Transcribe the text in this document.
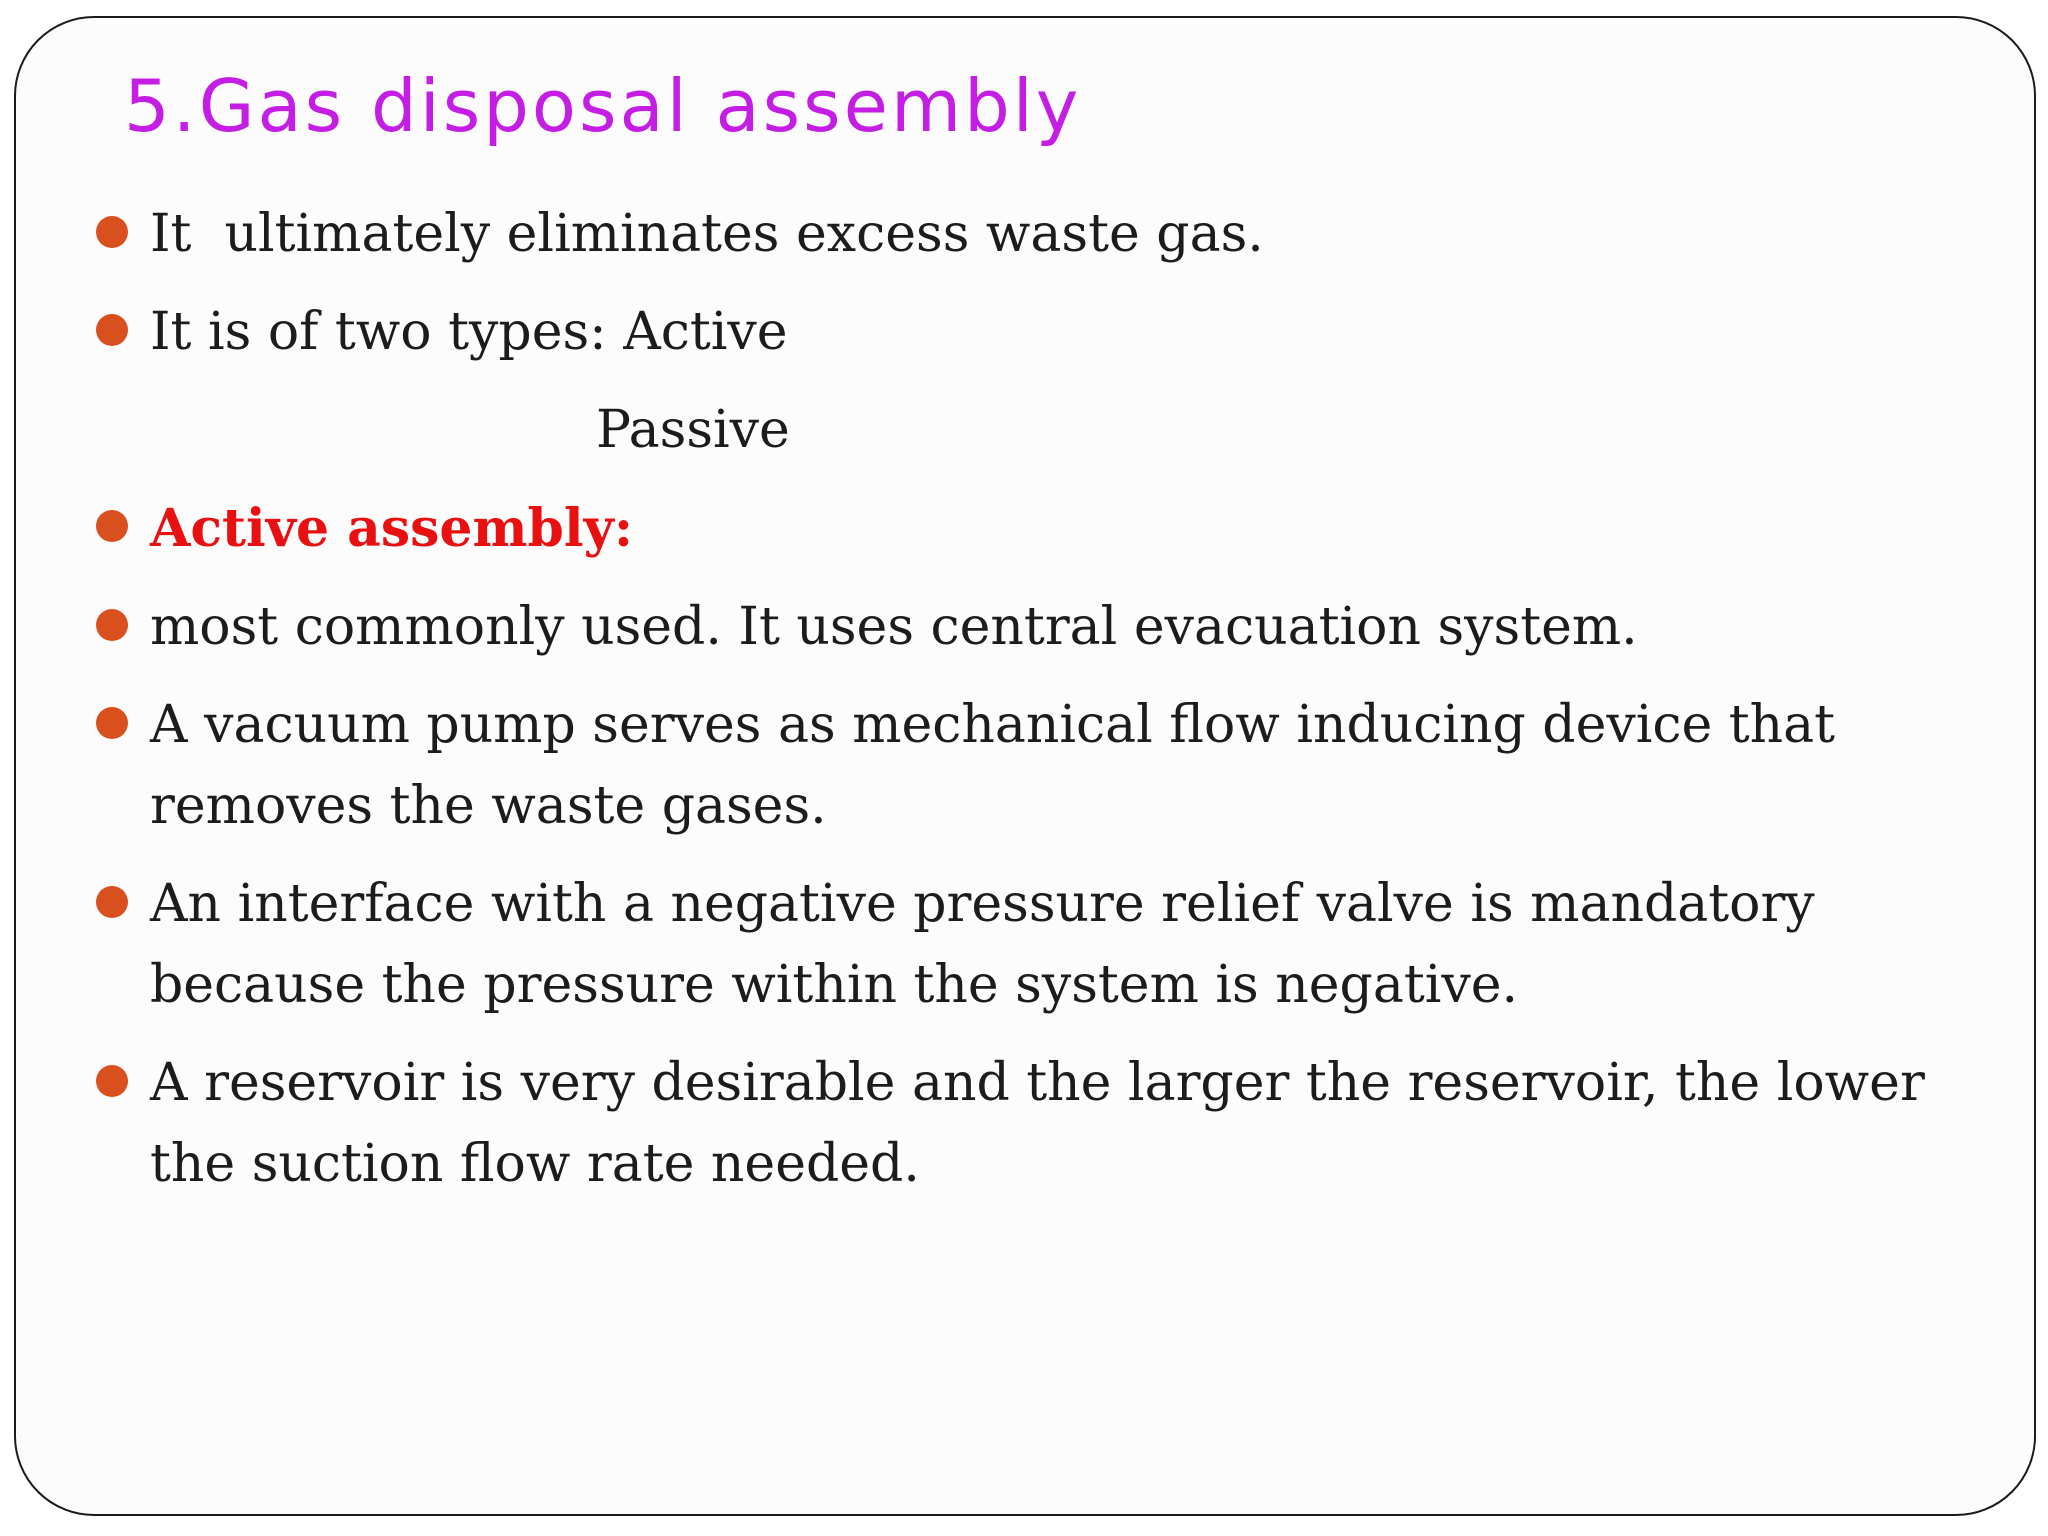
5.Gas disposal assembly
It  ultimately eliminates excess waste gas.
It is of two types: Active
Passive
Active assembly:
most commonly used. It uses central evacuation system.
A vacuum pump serves as mechanical flow inducing device that removes the waste gases.
An interface with a negative pressure relief valve is mandatory  because the pressure within the system is negative.
A reservoir is very desirable and the larger the reservoir, the lower the suction flow rate needed.
